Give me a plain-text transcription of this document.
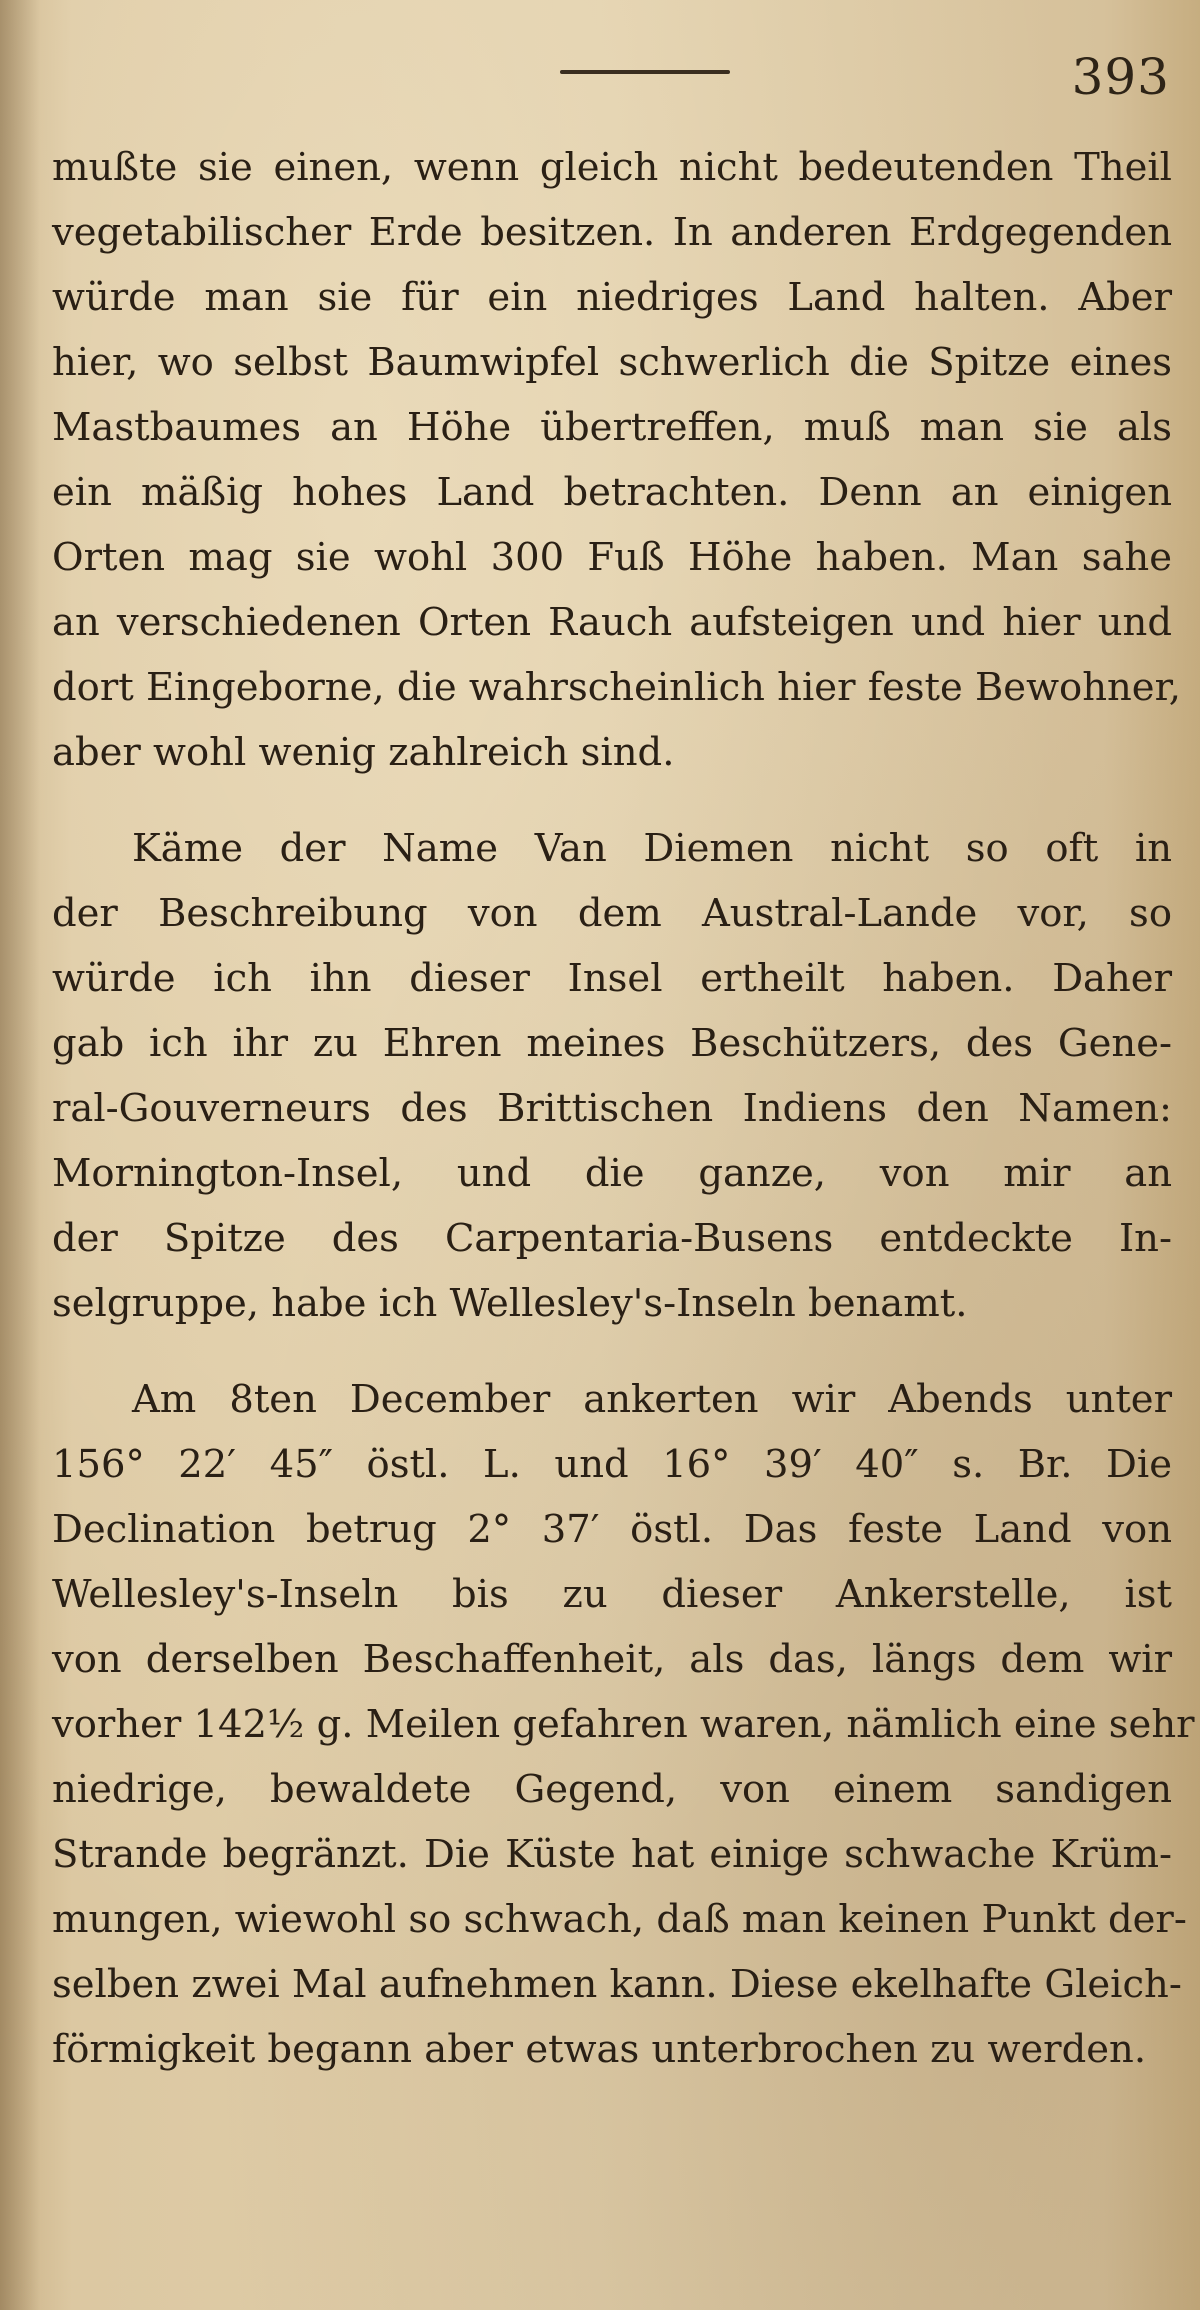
393
mußte sie einen, wenn gleich nicht bedeutenden Theil
vegetabilischer Erde besitzen. In anderen Erdgegenden
würde man sie für ein niedriges Land halten. Aber
hier, wo selbst Baumwipfel schwerlich die Spitze eines
Mastbaumes an Höhe übertreffen, muß man sie als
ein mäßig hohes Land betrachten. Denn an einigen
Orten mag sie wohl 300 Fuß Höhe haben. Man sahe
an verschiedenen Orten Rauch aufsteigen und hier und
dort Eingeborne, die wahrscheinlich hier feste Bewohner,
aber wohl wenig zahlreich sind.
Käme der Name Van Diemen nicht so oft in
der Beschreibung von dem Austral-Lande vor, so
würde ich ihn dieser Insel ertheilt haben. Daher
gab ich ihr zu Ehren meines Beschützers, des Gene-
ral-Gouverneurs des Brittischen Indiens den Namen:
Mornington-Insel, und die ganze, von mir an
der Spitze des Carpentaria-Busens entdeckte In-
selgruppe, habe ich Wellesley's-Inseln benamt.
Am 8ten December ankerten wir Abends unter
156° 22′ 45″ östl. L. und 16° 39′ 40″ s. Br. Die
Declination betrug 2° 37′ östl. Das feste Land von
Wellesley's-Inseln bis zu dieser Ankerstelle, ist
von derselben Beschaffenheit, als das, längs dem wir
vorher 142½ g. Meilen gefahren waren, nämlich eine sehr
niedrige, bewaldete Gegend, von einem sandigen
Strande begränzt. Die Küste hat einige schwache Krüm-
mungen, wiewohl so schwach, daß man keinen Punkt der-
selben zwei Mal aufnehmen kann. Diese ekelhafte Gleich-
förmigkeit begann aber etwas unterbrochen zu werden.
